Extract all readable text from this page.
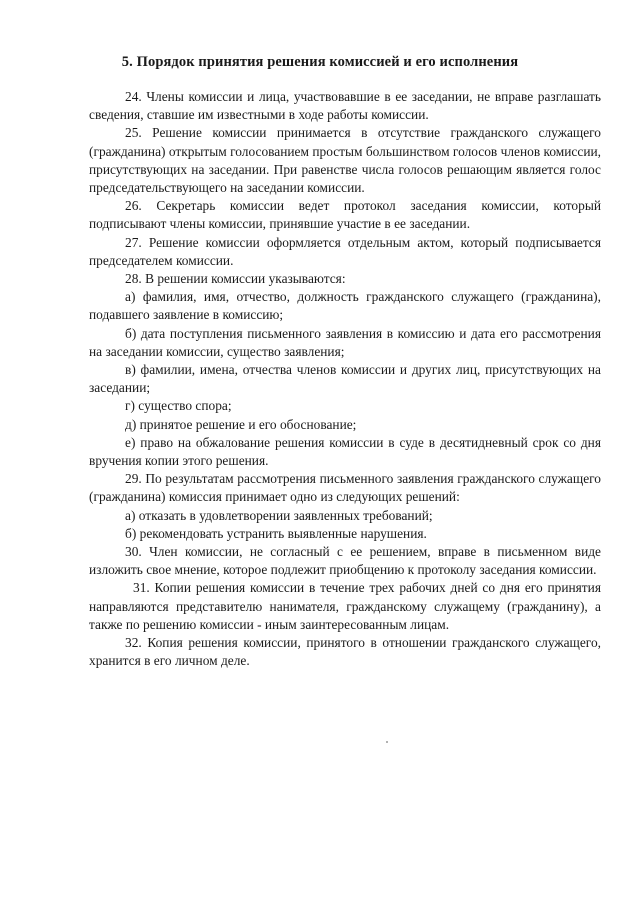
5. Порядок принятия решения комиссией и его исполнения

24. Члены комиссии и лица, участвовавшие в ее заседании, не вправе разглашать сведения, ставшие им известными в ходе работы комиссии.

25. Решение комиссии принимается в отсутствие гражданского служащего (гражданина) открытым голосованием простым большинством голосов членов комиссии, присутствующих на заседании. При равенстве числа голосов решающим является голос председательствующего на заседании комиссии.

26. Секретарь комиссии ведет протокол заседания комиссии, который подписывают члены комиссии, принявшие участие в ее заседании.

27. Решение комиссии оформляется отдельным актом, который подписывается председателем комиссии.

28. В решении комиссии указываются:

а) фамилия, имя, отчество, должность гражданского служащего (гражданина), подавшего заявление в комиссию;

б) дата поступления письменного заявления в комиссию и дата его рассмотрения на заседании комиссии, существо заявления;

в) фамилии, имена, отчества членов комиссии и других лиц, присутствующих на заседании;

г) существо спора;

д) принятое решение и его обоснование;

е) право на обжалование решения комиссии в суде в десятидневный срок со дня вручения копии этого решения.

29. По результатам рассмотрения письменного заявления гражданского служащего (гражданина) комиссия принимает одно из следующих решений:

а) отказать в удовлетворении заявленных требований;

б) рекомендовать устранить выявленные нарушения.

30. Член комиссии, не согласный с ее решением, вправе в письменном виде изложить свое мнение, которое подлежит приобщению к протоколу заседания комиссии.

31. Копии решения комиссии в течение трех рабочих дней со дня его принятия направляются представителю нанимателя, гражданскому служащему (гражданину), а также по решению комиссии - иным заинтересованным лицам.

32. Копия решения комиссии, принятого в отношении гражданского служащего, хранится в его личном деле.
